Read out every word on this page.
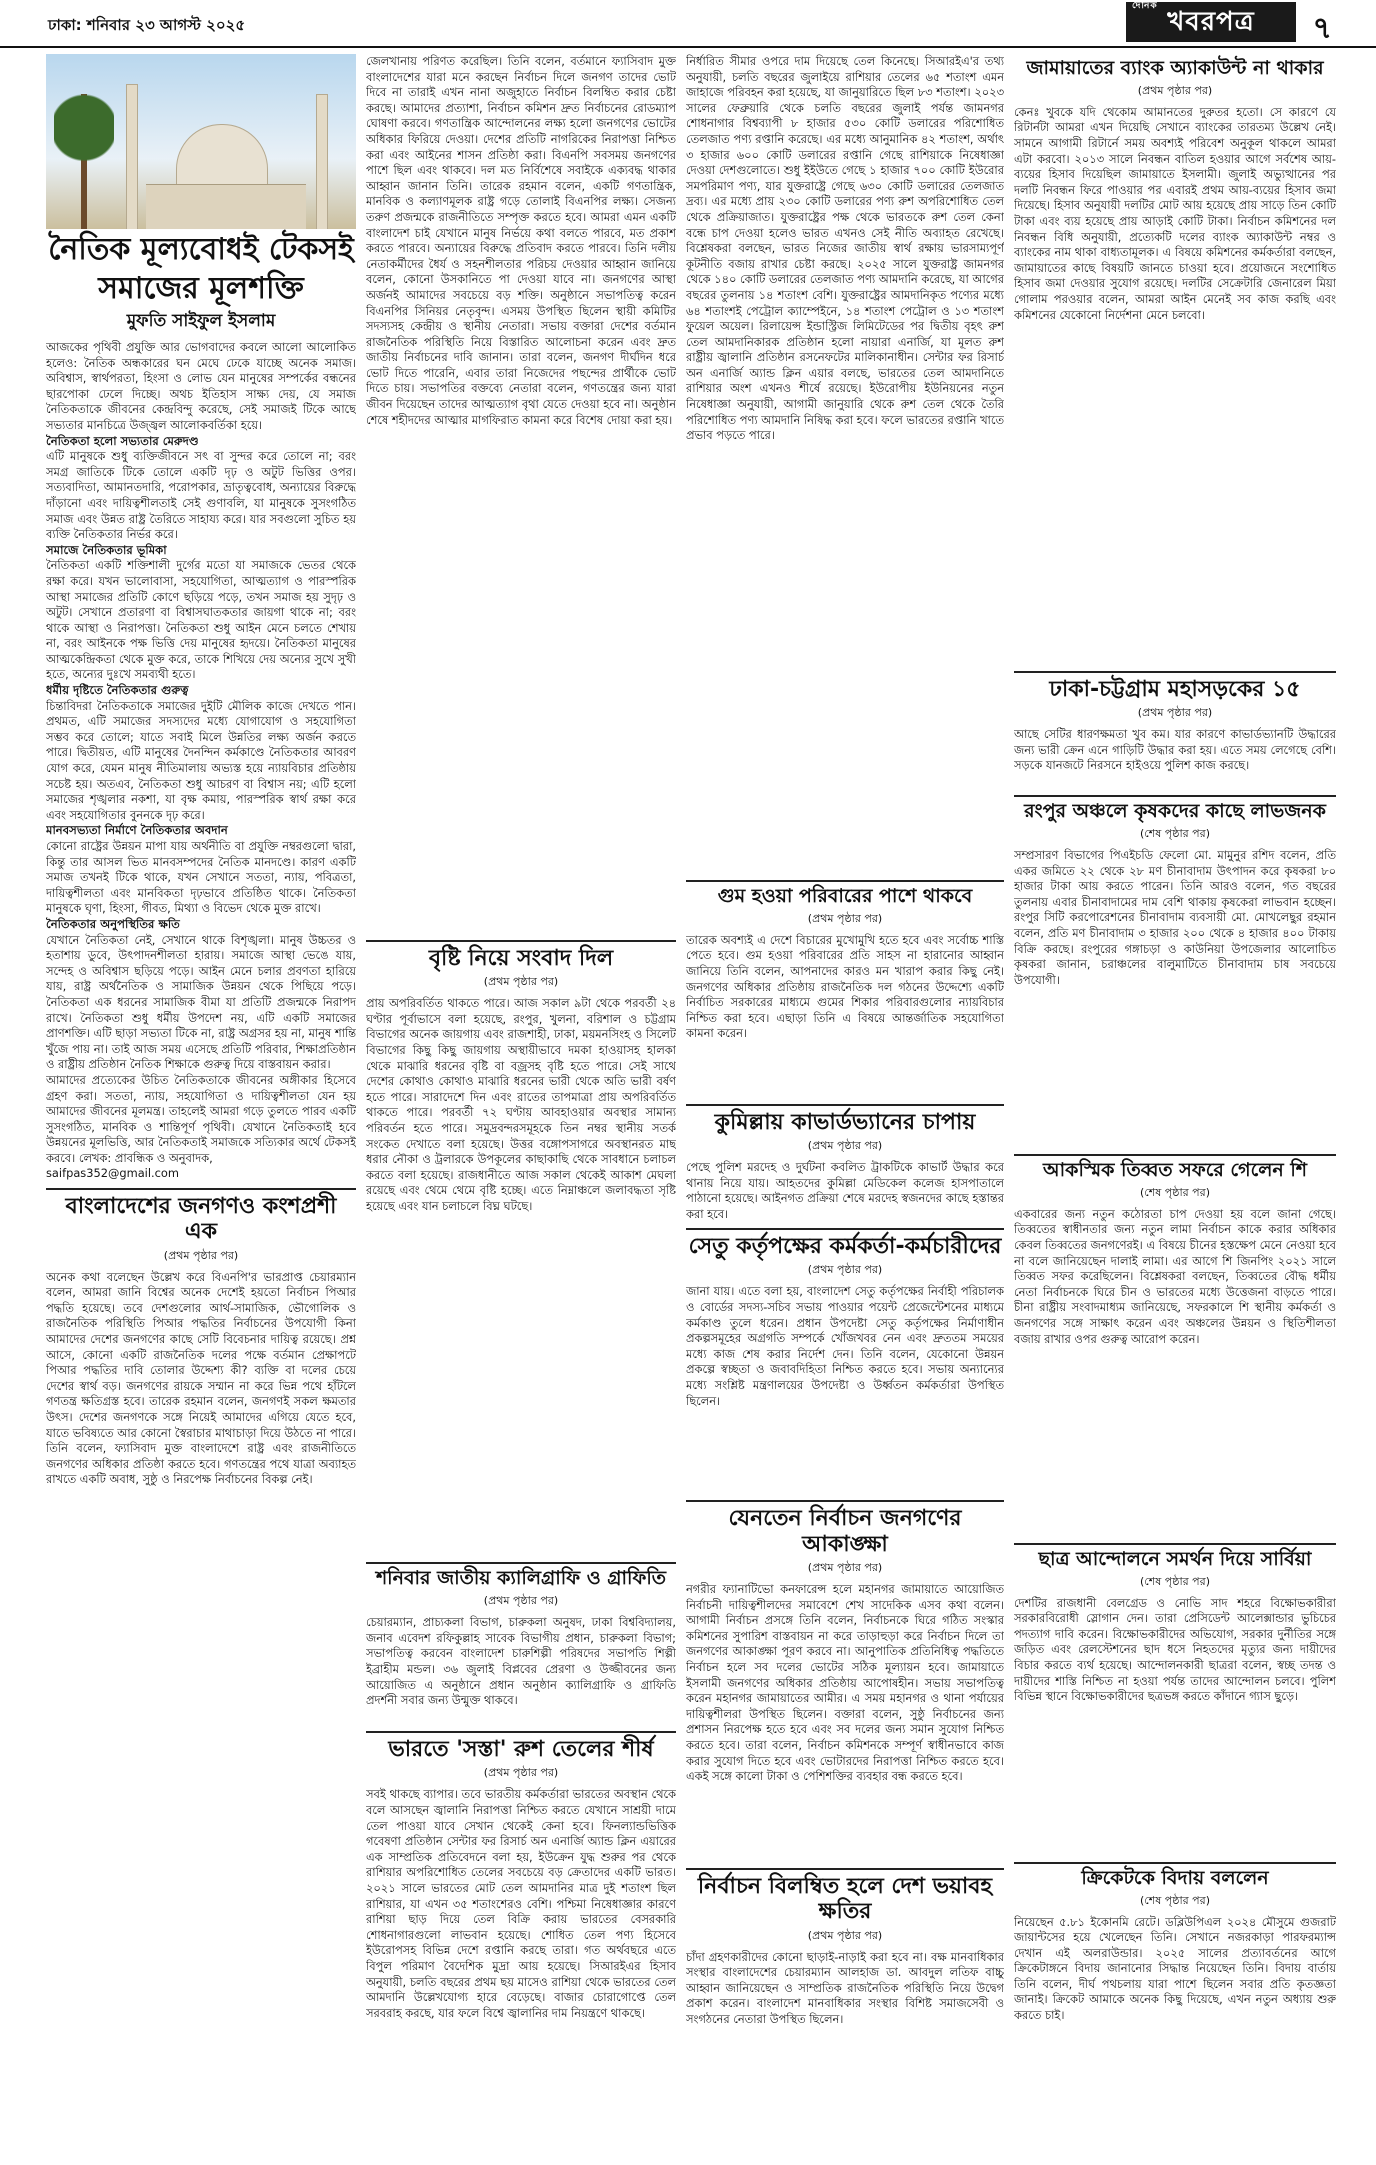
ঢাকা: শনিবার ২৩ আগস্ট ২০২৫
দৈনিক
খবরপত্র	৭
নৈতিক মূল্যবোধই টেকসই
সমাজের মূলশক্তি
মুফতি সাইফুল ইসলাম
আজকের পৃথিবী প্রযুক্তি আর ভোগবাদের কবলে আলো আলোকিত হলেও: নৈতিক অন্ধকারের ঘন মেঘে ঢেকে যাচ্ছে অনেক সমাজ। অবিশ্বাস, স্বার্থপরতা, হিংসা ও লোভ যেন মানুষের সম্পর্কের বন্ধনের ছারপোকা ঢেলে দিচ্ছে। অথচ ইতিহাস সাক্ষ্য দেয়, যে সমাজ নৈতিকতাকে জীবনের কেন্দ্রবিন্দু করেছে, সেই সমাজই টিকে আছে সভ্যতার মানচিত্রে উজ্জ্বল আলোকবর্তিকা হয়ে।
নৈতিকতা হলো সভ্যতার মেরুদণ্ড
এটি মানুষকে শুধু ব্যক্তিজীবনে সৎ বা সুন্দর করে তোলে না; বরং সমগ্র জাতিকে টিকে তোলে একটি দৃঢ় ও অটুট ভিত্তির ওপর। সত্যবাদিতা, আমানতদারি, পরোপকার, ভ্রাতৃত্ববোধ, অন্যায়ের বিরুদ্ধে দাঁড়ানো এবং দায়িত্বশীলতাই সেই গুণাবলি, যা মানুষকে সুসংগঠিত সমাজ এবং উন্নত রাষ্ট্র তৈরিতে সাহায্য করে। যার সবগুলো সুচিত হয় ব্যক্তি নৈতিকতার নির্ভর করে।
সমাজে নৈতিকতার ভূমিকা
নৈতিকতা একটি শক্তিশালী দুর্গের মতো যা সমাজকে ভেতর থেকে রক্ষা করে। যখন ভালোবাসা, সহযোগিতা, আত্মত্যাগ ও পারস্পরিক আস্থা সমাজের প্রতিটি কোণে ছড়িয়ে পড়ে, তখন সমাজ হয় সুদৃঢ় ও অটুট। সেখানে প্রতারণা বা বিশ্বাসঘাতকতার জায়গা থাকে না; বরং থাকে আস্থা ও নিরাপত্তা। নৈতিকতা শুধু আইন মেনে চলতে শেখায় না, বরং আইনকে পক্ষ ভিত্তি দেয় মানুষের হৃদয়ে। নৈতিকতা মানুষের আত্মকেন্দ্রিকতা থেকে মুক্ত করে, তাকে শিখিয়ে দেয় অন্যের সুখে সুখী হতে, অন্যের দুঃখে সমব্যথী হতে।
ধর্মীয় দৃষ্টিতে নৈতিকতার গুরুত্ব
চিন্তাবিদরা নৈতিকতাকে সমাজের দুইটি মৌলিক কাজে দেখতে পান। প্রথমত, এটি সমাজের সদস্যদের মধ্যে যোগাযোগ ও সহযোগিতা সম্ভব করে তোলে; যাতে সবাই মিলে উন্নতির লক্ষ্য অর্জন করতে পারে। দ্বিতীয়ত, এটি মানুষের দৈনন্দিন কর্মকাণ্ডে নৈতিকতার আবরণ যোগ করে, যেমন মানুষ নীতিমালায় অভ্যস্ত হয়ে ন্যায়বিচার প্রতিষ্ঠায় সচেষ্ট হয়। অতএব, নৈতিকতা শুধু আচরণ বা বিশ্বাস নয়; এটি হলো সমাজের শৃঙ্খলার নকশা, যা বৃক্ষ কমায়, পারস্পরিক স্বার্থ রক্ষা করে এবং সহযোগিতার বুননকে দৃঢ় করে।
মানবসভ্যতা নির্মাণে নৈতিকতার অবদান
কোনো রাষ্ট্রের উন্নয়ন মাপা যায় অর্থনীতি বা প্রযুক্তি নম্বরগুলো দ্বারা, কিন্তু তার আসল ভিত মানবসম্পদের নৈতিক মানদণ্ডে। কারণ একটি সমাজ তখনই টিকে থাকে, যখন সেখানে সততা, ন্যায়, পবিত্রতা, দায়িত্বশীলতা এবং মানবিকতা দৃঢ়ভাবে প্রতিষ্ঠিত থাকে। নৈতিকতা মানুষকে ঘৃণা, হিংসা, গীবত, মিথ্যা ও বিভেদ থেকে মুক্ত রাখে।
নৈতিকতার অনুপস্থিতির ক্ষতি
যেখানে নৈতিকতা নেই, সেখানে থাকে বিশৃঙ্খলা। মানুষ উচ্চতর ও হতাশায় ডুবে, উৎপাদনশীলতা হারায়। সমাজে আস্থা ভেঙে যায়, সন্দেহ ও অবিশ্বাস ছড়িয়ে পড়ে। আইন মেনে চলার প্রবণতা হারিয়ে যায়, রাষ্ট্র অর্থনৈতিক ও সামাজিক উন্নয়ন থেকে পিছিয়ে পড়ে। নৈতিকতা এক ধরনের সামাজিক বীমা যা প্রতিটি প্রজন্মকে নিরাপদ রাখে। নৈতিকতা শুধু ধর্মীয় উপদেশ নয়, এটি একটি সমাজের প্রাণশক্তি। এটি ছাড়া সভ্যতা টিকে না, রাষ্ট্র অগ্রসর হয় না, মানুষ শান্তি খুঁজে পায় না। তাই আজ সময় এসেছে প্রতিটি পরিবার, শিক্ষাপ্রতিষ্ঠান ও রাষ্ট্রীয় প্রতিষ্ঠান নৈতিক শিক্ষাকে গুরুত্ব দিয়ে বাস্তবায়ন করার।
আমাদের প্রত্যেকের উচিত নৈতিকতাকে জীবনের অঙ্গীকার হিসেবে গ্রহণ করা। সততা, ন্যায়, সহযোগিতা ও দায়িত্বশীলতা যেন হয় আমাদের জীবনের মূলমন্ত্র। তাহলেই আমরা গড়ে তুলতে পারব একটি সুসংগঠিত, মানবিক ও শান্তিপূর্ণ পৃথিবী। যেখানে নৈতিকতাই হবে উন্নয়নের মূলভিত্তি, আর নৈতিকতাই সমাজকে সত্যিকার অর্থে টেকসই করবে। লেখক: প্রাবন্ধিক ও অনুবাদক,
saifpas352@gmail.com
বাংলাদেশের জনগণও কংশপ্রশী এক
(প্রথম পৃষ্ঠার পর)
অনেক কথা বলেছেন উল্লেখ করে বিএনপি'র ভারপ্রাপ্ত চেয়ারম্যান বলেন, আমরা জানি বিশ্বের অনেক দেশেই হয়তো নির্বাচন পিআর পদ্ধতি হয়েছে। তবে দেশগুলোর আর্থ-সামাজিক, ভৌগোলিক ও রাজনৈতিক পরিস্থিতি পিআর পদ্ধতির নির্বাচনের উপযোগী কিনা আমাদের দেশের জনগণের কাছে সেটি বিবেচনার দায়িত্ব রয়েছে। প্রশ্ন আসে, কোনো একটি রাজনৈতিক দলের পক্ষে বর্তমান প্রেক্ষাপটে পিআর পদ্ধতির দাবি তোলার উদ্দেশ্য কী? ব্যক্তি বা দলের চেয়ে দেশের স্বার্থ বড়। জনগণের রায়কে সম্মান না করে ভিন্ন পথে হাঁটলে গণতন্ত্র ক্ষতিগ্রস্ত হবে। তারেক রহমান বলেন, জনগণই সকল ক্ষমতার উৎস। দেশের জনগণকে সঙ্গে নিয়েই আমাদের এগিয়ে যেতে হবে, যাতে ভবিষ্যতে আর কোনো স্বৈরাচার মাথাচাড়া দিয়ে উঠতে না পারে। তিনি বলেন, ফ্যাসিবাদ মুক্ত বাংলাদেশে রাষ্ট্র এবং রাজনীতিতে জনগণের অধিকার প্রতিষ্ঠা করতে হবে। গণতন্ত্রের পথে যাত্রা অব্যাহত রাখতে একটি অবাধ, সুষ্ঠু ও নিরপেক্ষ নির্বাচনের বিকল্প নেই।
জেলখানায় পরিণত করেছিল। তিনি বলেন, বর্তমানে ফ্যাসিবাদ মুক্ত বাংলাদেশের যারা মনে করছেন নির্বাচন দিলে জনগণ তাদের ভোট দিবে না তারাই এখন নানা অজুহাতে নির্বাচন বিলম্বিত করার চেষ্টা করছে। আমাদের প্রত্যাশা, নির্বাচন কমিশন দ্রুত নির্বাচনের রোডম্যাপ ঘোষণা করবে। গণতান্ত্রিক আন্দোলনের লক্ষ্য হলো জনগণের ভোটের অধিকার ফিরিয়ে দেওয়া। দেশের প্রতিটি নাগরিকের নিরাপত্তা নিশ্চিত করা এবং আইনের শাসন প্রতিষ্ঠা করা। বিএনপি সবসময় জনগণের পাশে ছিল এবং থাকবে। দল মত নির্বিশেষে সবাইকে এক্যবদ্ধ থাকার আহ্বান জানান তিনি। তারেক রহমান বলেন, একটি গণতান্ত্রিক, মানবিক ও কল্যাণমূলক রাষ্ট্র গড়ে তোলাই বিএনপির লক্ষ্য। সেজন্য তরুণ প্রজন্মকে রাজনীতিতে সম্পৃক্ত করতে হবে। আমরা এমন একটি বাংলাদেশ চাই যেখানে মানুষ নির্ভয়ে কথা বলতে পারবে, মত প্রকাশ করতে পারবে। অন্যায়ের বিরুদ্ধে প্রতিবাদ করতে পারবে। তিনি দলীয় নেতাকর্মীদের ধৈর্য ও সহনশীলতার পরিচয় দেওয়ার আহ্বান জানিয়ে বলেন, কোনো উসকানিতে পা দেওয়া যাবে না। জনগণের আস্থা অর্জনই আমাদের সবচেয়ে বড় শক্তি। অনুষ্ঠানে সভাপতিত্ব করেন বিএনপির সিনিয়র নেতৃবৃন্দ। এসময় উপস্থিত ছিলেন স্থায়ী কমিটির সদস্যসহ কেন্দ্রীয় ও স্থানীয় নেতারা। সভায় বক্তারা দেশের বর্তমান রাজনৈতিক পরিস্থিতি নিয়ে বিস্তারিত আলোচনা করেন এবং দ্রুত জাতীয় নির্বাচনের দাবি জানান। তারা বলেন, জনগণ দীর্ঘদিন ধরে ভোট দিতে পারেনি, এবার তারা নিজেদের পছন্দের প্রার্থীকে ভোট দিতে চায়। সভাপতির বক্তব্যে নেতারা বলেন, গণতন্ত্রের জন্য যারা জীবন দিয়েছেন তাদের আত্মত্যাগ বৃথা যেতে দেওয়া হবে না। অনুষ্ঠান শেষে শহীদদের আত্মার মাগফিরাত কামনা করে বিশেষ দোয়া করা হয়।
বৃষ্টি নিয়ে সংবাদ দিল
(প্রথম পৃষ্ঠার পর)
প্রায় অপরিবর্তিত থাকতে পারে। আজ সকাল ৯টা থেকে পরবর্তী ২৪ ঘণ্টার পূর্বাভাসে বলা হয়েছে, রংপুর, খুলনা, বরিশাল ও চট্টগ্রাম বিভাগের অনেক জায়গায় এবং রাজশাহী, ঢাকা, ময়মনসিংহ ও সিলেট বিভাগের কিছু কিছু জায়গায় অস্থায়ীভাবে দমকা হাওয়াসহ হালকা থেকে মাঝারি ধরনের বৃষ্টি বা বজ্রসহ বৃষ্টি হতে পারে। সেই সাথে দেশের কোথাও কোথাও মাঝারি ধরনের ভারী থেকে অতি ভারী বর্ষণ হতে পারে। সারাদেশে দিন এবং রাতের তাপমাত্রা প্রায় অপরিবর্তিত থাকতে পারে। পরবর্তী ৭২ ঘণ্টায় আবহাওয়ার অবস্থার সামান্য পরিবর্তন হতে পারে। সমুদ্রবন্দরসমূহকে তিন নম্বর স্থানীয় সতর্ক সংকেত দেখাতে বলা হয়েছে। উত্তর বঙ্গোপসাগরে অবস্থানরত মাছ ধরার নৌকা ও ট্রলারকে উপকূলের কাছাকাছি থেকে সাবধানে চলাচল করতে বলা হয়েছে। রাজধানীতে আজ সকাল থেকেই আকাশ মেঘলা রয়েছে এবং থেমে থেমে বৃষ্টি হচ্ছে। এতে নিম্নাঞ্চলে জলাবদ্ধতা সৃষ্টি হয়েছে এবং যান চলাচলে বিঘ্ন ঘটছে।
শনিবার জাতীয় ক্যালিগ্রাফি ও গ্রাফিতি
(প্রথম পৃষ্ঠার পর)
চেয়ারম্যান, প্রাচ্যকলা বিভাগ, চারুকলা অনুষদ, ঢাকা বিশ্ববিদ্যালয়, জনাব এবেদশ রফিকুল্লাহ সাবেক বিভাগীয় প্রধান, চারুকলা বিভাগ; সভাপতিত্ব করবেন বাংলাদেশ চারুশিল্পী পরিষদের সভাপতি শিল্পী ইব্রাহীম মন্ডল। ৩৬ জুলাই বিপ্লবের প্রেরণা ও উজ্জীবনের জন্য আয়োজিত এ অনুষ্ঠানে প্রধান অনুষ্ঠান ক্যালিগ্রাফি ও গ্রাফিতি প্রদর্শনী সবার জন্য উন্মুক্ত থাকবে।
ভারতে 'সস্তা' রুশ তেলের শীর্ষ
(প্রথম পৃষ্ঠার পর)
সবই থাকছে ব্যাপার। তবে ভারতীয় কর্মকর্তারা ভারতের অবস্থান থেকে বলে আসছেন জ্বালানি নিরাপত্তা নিশ্চিত করতে যেখানে সাশ্রয়ী দামে তেল পাওয়া যাবে সেখান থেকেই কেনা হবে। ফিনল্যান্ডভিত্তিক গবেষণা প্রতিষ্ঠান সেন্টার ফর রিসার্চ অন এনার্জি অ্যান্ড ক্লিন এয়ারের এক সাম্প্রতিক প্রতিবেদনে বলা হয়, ইউক্রেন যুদ্ধ শুরুর পর থেকে রাশিয়ার অপরিশোধিত তেলের সবচেয়ে বড় ক্রেতাদের একটি ভারত। ২০২১ সালে ভারতের মোট তেল আমদানির মাত্র দুই শতাংশ ছিল রাশিয়ার, যা এখন ৩৫ শতাংশেরও বেশি। পশ্চিমা নিষেধাজ্ঞার কারণে রাশিয়া ছাড় দিয়ে তেল বিক্রি করায় ভারতের বেসরকারি শোধনাগারগুলো লাভবান হয়েছে। শোধিত তেল পণ্য হিসেবে ইউরোপসহ বিভিন্ন দেশে রপ্তানি করছে তারা। গত অর্থবছরে এতে বিপুল পরিমাণ বৈদেশিক মুদ্রা আয় হয়েছে। সিআরইএর হিসাব অনুযায়ী, চলতি বছরের প্রথম ছয় মাসেও রাশিয়া থেকে ভারতের তেল আমদানি উল্লেখযোগ্য হারে বেড়েছে। বাজার চোরাগোপ্তে তেল সরবরাহ করছে, যার ফলে বিশ্বে জ্বালানির দাম নিয়ন্ত্রণে থাকছে।
নির্ধারিত সীমার ওপরে দাম দিয়েছে তেল কিনেছে। সিআরইএ'র তথ্য অনুযায়ী, চলতি বছরের জুলাইয়ে রাশিয়ার তেলের ৬৫ শতাংশ এমন জাহাজে পরিবহন করা হয়েছে, যা জানুয়ারিতে ছিল ৮৩ শতাংশ। ২০২৩ সালের ফেব্রুয়ারি থেকে চলতি বছরের জুলাই পর্যন্ত জামনগর শোধনাগার বিশ্বব্যাপী ৮ হাজার ৫৩০ কোটি ডলারের পরিশোধিত তেলজাত পণ্য রপ্তানি করেছে। এর মধ্যে আনুমানিক ৪২ শতাংশ, অর্থাৎ ৩ হাজার ৬০০ কোটি ডলারের রপ্তানি গেছে রাশিয়াকে নিষেধাজ্ঞা দেওয়া দেশগুলোতে। শুধু ইইউতে গেছে ১ হাজার ৭০০ কোটি ইউরোর সমপরিমাণ পণ্য, যার যুক্তরাষ্ট্রে গেছে ৬৩০ কোটি ডলারের তেলজাত দ্রব্য। এর মধ্যে প্রায় ২৩০ কোটি ডলারের পণ্য রুশ অপরিশোধিত তেল থেকে প্রক্রিয়াজাত। যুক্তরাষ্ট্রের পক্ষ থেকে ভারতকে রুশ তেল কেনা বন্ধে চাপ দেওয়া হলেও ভারত এখনও সেই নীতি অব্যাহত রেখেছে। বিশ্লেষকরা বলছেন, ভারত নিজের জাতীয় স্বার্থ রক্ষায় ভারসাম্যপূর্ণ কূটনীতি বজায় রাখার চেষ্টা করছে। ২০২৫ সালে যুক্তরাষ্ট্র জামনগর থেকে ১৪০ কোটি ডলারের তেলজাত পণ্য আমদানি করেছে, যা আগের বছরের তুলনায় ১৪ শতাংশ বেশি। যুক্তরাষ্ট্রের আমদানিকৃত পণ্যের মধ্যে ৬৪ শতাংশই পেট্রোল ক্যাম্পেইনে, ১৪ শতাংশ পেট্রোল ও ১৩ শতাংশ ফুয়েল অয়েল। রিলায়েন্স ইন্ডাস্ট্রিজ লিমিটেডের পর দ্বিতীয় বৃহৎ রুশ তেল আমদানিকারক প্রতিষ্ঠান হলো নায়ারা এনার্জি, যা মূলত রুশ রাষ্ট্রীয় জ্বালানি প্রতিষ্ঠান রসনেফটের মালিকানাধীন। সেন্টার ফর রিসার্চ অন এনার্জি অ্যান্ড ক্লিন এয়ার বলছে, ভারতের তেল আমদানিতে রাশিয়ার অংশ এখনও শীর্ষে রয়েছে। ইউরোপীয় ইউনিয়নের নতুন নিষেধাজ্ঞা অনুযায়ী, আগামী জানুয়ারি থেকে রুশ তেল থেকে তৈরি পরিশোধিত পণ্য আমদানি নিষিদ্ধ করা হবে। ফলে ভারতের রপ্তানি খাতে প্রভাব পড়তে পারে।
গুম হওয়া পরিবারের পাশে থাকবে
(প্রথম পৃষ্ঠার পর)
তারেক অবশ্যই এ দেশে বিচারের মুখোমুখি হতে হবে এবং সর্বোচ্চ শাস্তি পেতে হবে। গুম হওয়া পরিবারের প্রতি সাহস না হারানোর আহ্বান জানিয়ে তিনি বলেন, আপনাদের কারও মন খারাপ করার কিছু নেই। জনগণের অধিকার প্রতিষ্ঠায় রাজনৈতিক দল গঠনের উদ্দেশ্যে একটি নির্বাচিত সরকারের মাধ্যমে গুমের শিকার পরিবারগুলোর ন্যায়বিচার নিশ্চিত করা হবে। এছাড়া তিনি এ বিষয়ে আন্তর্জাতিক সহযোগিতা কামনা করেন।
কুমিল্লায় কাভার্ডভ্যানের চাপায়
(প্রথম পৃষ্ঠার পর)
পেছে পুলিশ মরদেহ ও দুর্ঘটনা কবলিত ট্রাকটিকে কাভার্ট উদ্ধার করে থানায় নিয়ে যায়। আহতদের কুমিল্লা মেডিকেল কলেজ হাসপাতালে পাঠানো হয়েছে। আইনগত প্রক্রিয়া শেষে মরদেহ স্বজনদের কাছে হস্তান্তর করা হবে।
সেতু কর্তৃপক্ষের কর্মকর্তা-কর্মচারীদের
(প্রথম পৃষ্ঠার পর)
জানা যায়। এতে বলা হয়, বাংলাদেশ সেতু কর্তৃপক্ষের নির্বাহী পরিচালক ও বোর্ডের সদস্য-সচিব সভায় পাওয়ার পয়েন্ট প্রেজেন্টেশনের মাধ্যমে কর্মকাণ্ড তুলে ধরেন। প্রধান উপদেষ্টা সেতু কর্তৃপক্ষের নির্মাণাধীন প্রকল্পসমূহের অগ্রগতি সম্পর্কে খোঁজখবর নেন এবং দ্রুততম সময়ের মধ্যে কাজ শেষ করার নির্দেশ দেন। তিনি বলেন, যেকোনো উন্নয়ন প্রকল্পে স্বচ্ছতা ও জবাবদিহিতা নিশ্চিত করতে হবে। সভায় অন্যান্যের মধ্যে সংশ্লিষ্ট মন্ত্রণালয়ের উপদেষ্টা ও উর্ধ্বতন কর্মকর্তারা উপস্থিত ছিলেন।
যেনতেন নির্বাচন জনগণের আকাঙ্ক্ষা
(প্রথম পৃষ্ঠার পর)
নগরীর ফ্যানাটিভো কনফারেন্স হলে মহানগর জামায়াতে আয়োজিত নির্বাচনী দায়িত্বশীলদের সমাবেশে শেখ সাদেকিক এসব কথা বলেন। আগামী নির্বাচন প্রসঙ্গে তিনি বলেন, নির্বাচনকে ঘিরে গঠিত সংস্কার কমিশনের সুপারিশ বাস্তবায়ন না করে তাড়াহুড়া করে নির্বাচন দিলে তা জনগণের আকাঙ্ক্ষা পূরণ করবে না। আনুপাতিক প্রতিনিধিত্ব পদ্ধতিতে নির্বাচন হলে সব দলের ভোটের সঠিক মূল্যায়ন হবে। জামায়াতে ইসলামী জনগণের অধিকার প্রতিষ্ঠায় আপোষহীন। সভায় সভাপতিত্ব করেন মহানগর জামায়াতের আমীর। এ সময় মহানগর ও থানা পর্যায়ের দায়িত্বশীলরা উপস্থিত ছিলেন। বক্তারা বলেন, সুষ্ঠু নির্বাচনের জন্য প্রশাসন নিরপেক্ষ হতে হবে এবং সব দলের জন্য সমান সুযোগ নিশ্চিত করতে হবে। তারা বলেন, নির্বাচন কমিশনকে সম্পূর্ণ স্বাধীনভাবে কাজ করার সুযোগ দিতে হবে এবং ভোটারদের নিরাপত্তা নিশ্চিত করতে হবে। একই সঙ্গে কালো টাকা ও পেশিশক্তির ব্যবহার বন্ধ করতে হবে।
নির্বাচন বিলম্বিত হলে দেশ ভয়াবহ ক্ষতির
(প্রথম পৃষ্ঠার পর)
চাঁদা গ্রহণকারীদের কোনো ছাড়াই-নাড়াই করা হবে না। বক্ষ মানবাধিকার সংস্থার বাংলাদেশের চেয়ারম্যান আলহাজ ডা. আবদুল লতিফ বাচ্চু আহ্বান জানিয়েছেন ও সাম্প্রতিক রাজনৈতিক পরিস্থিতি নিয়ে উদ্বেগ প্রকাশ করেন। বাংলাদেশ মানবাধিকার সংস্থার বিশিষ্ট সমাজসেবী ও সংগঠনের নেতারা উপস্থিত ছিলেন।
জামায়াতের ব্যাংক অ্যাকাউন্ট না থাকার
(প্রথম পৃষ্ঠার পর)
কেনঃ খুবকে যদি থেকোম আমানতের দুরুতর হতো। সে কারণে যে রিটার্নটা আমরা এখন দিয়েছি সেখানে ব্যাংকের তারতম্য উল্লেখ নেই। সামনে আগামী রিটার্নে সময় অবশ্যই পরিবেশ অনুকূল থাকলে আমরা এটা করবো। ২০১৩ সালে নিবন্ধন বাতিল হওয়ার আগে সর্বশেষ আয়-ব্যয়ের হিসাব দিয়েছিল জামায়াতে ইসলামী। জুলাই অভ্যুত্থানের পর দলটি নিবন্ধন ফিরে পাওয়ার পর এবারই প্রথম আয়-ব্যয়ের হিসাব জমা দিয়েছে। হিসাব অনুযায়ী দলটির মোট আয় হয়েছে প্রায় সাড়ে তিন কোটি টাকা এবং ব্যয় হয়েছে প্রায় আড়াই কোটি টাকা। নির্বাচন কমিশনের দল নিবন্ধন বিধি অনুযায়ী, প্রত্যেকটি দলের ব্যাংক অ্যাকাউন্ট নম্বর ও ব্যাংকের নাম থাকা বাধ্যতামূলক। এ বিষয়ে কমিশনের কর্মকর্তারা বলছেন, জামায়াতের কাছে বিষয়টি জানতে চাওয়া হবে। প্রয়োজনে সংশোধিত হিসাব জমা দেওয়ার সুযোগ রয়েছে। দলটির সেক্রেটারি জেনারেল মিয়া গোলাম পরওয়ার বলেন, আমরা আইন মেনেই সব কাজ করছি এবং কমিশনের যেকোনো নির্দেশনা মেনে চলবো।
ঢাকা-চট্টগ্রাম মহাসড়কের ১৫
(প্রথম পৃষ্ঠার পর)
আছে সেটির ধারণক্ষমতা খুব কম। যার কারণে কাভার্ডভ্যানটি উদ্ধারের জন্য ভারী ক্রেন এনে গাড়িটি উদ্ধার করা হয়। এতে সময় লেগেছে বেশি। সড়কে যানজটে নিরসনে হাইওয়ে পুলিশ কাজ করছে।
রংপুর অঞ্চলে কৃষকদের কাছে লাভজনক
(শেষ পৃষ্ঠার পর)
সম্প্রসারণ বিভাগের পিএইচডি ফেলো মো. মামুনুর রশিদ বলেন, প্রতি একর জমিতে ২২ থেকে ২৮ মণ চীনাবাদাম উৎপাদন করে কৃষকরা ৮০ হাজার টাকা আয় করতে পারেন। তিনি আরও বলেন, গত বছরের তুলনায় এবার চীনাবাদামের দাম বেশি থাকায় কৃষকেরা লাভবান হচ্ছেন। রংপুর সিটি করপোরেশনের চীনাবাদাম ব্যবসায়ী মো. মোখলেছুর রহমান বলেন, প্রতি মণ চীনাবাদাম ৩ হাজার ২০০ থেকে ৪ হাজার ৪০০ টাকায় বিক্রি করছে। রংপুরের গঙ্গাচড়া ও কাউনিয়া উপজেলার আলোচিত কৃষকরা জানান, চরাঞ্চলের বালুমাটিতে চীনাবাদাম চাষ সবচেয়ে উপযোগী।
আকস্মিক তিব্বত সফরে গেলেন শি
(শেষ পৃষ্ঠার পর)
একবারের জন্য নতুন কঠোরতা চাপ দেওয়া হয় বলে জানা গেছে। তিব্বতের স্বাধীনতার জন্য নতুন লামা নির্বাচন কাকে করার অধিকার কেবল তিব্বতের জনগণেরই। এ বিষয়ে চীনের হস্তক্ষেপ মেনে নেওয়া হবে না বলে জানিয়েছেন দালাই লামা। এর আগে শি জিনপিং ২০২১ সালে তিব্বত সফর করেছিলেন। বিশ্লেষকরা বলছেন, তিব্বতের বৌদ্ধ ধর্মীয় নেতা নির্বাচনকে ঘিরে চীন ও ভারতের মধ্যে উত্তেজনা বাড়তে পারে। চীনা রাষ্ট্রীয় সংবাদমাধ্যম জানিয়েছে, সফরকালে শি স্থানীয় কর্মকর্তা ও জনগণের সঙ্গে সাক্ষাৎ করেন এবং অঞ্চলের উন্নয়ন ও স্থিতিশীলতা বজায় রাখার ওপর গুরুত্ব আরোপ করেন।
ছাত্র আন্দোলনে সমর্থন দিয়ে সার্বিয়া
(শেষ পৃষ্ঠার পর)
দেশটির রাজধানী বেলগ্রেড ও নোভি সাদ শহরে বিক্ষোভকারীরা সরকারবিরোধী স্লোগান দেন। তারা প্রেসিডেন্ট আলেক্সান্ডার ভুচিচের পদত্যাগ দাবি করেন। বিক্ষোভকারীদের অভিযোগ, সরকার দুর্নীতির সঙ্গে জড়িত এবং রেলস্টেশনের ছাদ ধসে নিহতদের মৃত্যুর জন্য দায়ীদের বিচার করতে ব্যর্থ হয়েছে। আন্দোলনকারী ছাত্ররা বলেন, স্বচ্ছ তদন্ত ও দায়ীদের শাস্তি নিশ্চিত না হওয়া পর্যন্ত তাদের আন্দোলন চলবে। পুলিশ বিভিন্ন স্থানে বিক্ষোভকারীদের ছত্রভঙ্গ করতে কাঁদানে গ্যাস ছুড়ে।
ক্রিকেটকে বিদায় বললেন
(শেষ পৃষ্ঠার পর)
নিয়েছেন ৫.৮১ ইকোনমি রেটে। ডব্লিউপিএল ২০২৪ মৌসুমে গুজরাট জায়ান্টসের হয়ে খেলেছেন তিনি। সেখানে নজরকাড়া পারফরম্যান্স দেখান এই অলরাউন্ডার। ২০২৫ সালের প্রত্যাবর্তনের আগে ক্রিকেটাঙ্গনে বিদায় জানানোর সিদ্ধান্ত নিয়েছেন তিনি। বিদায় বার্তায় তিনি বলেন, দীর্ঘ পথচলায় যারা পাশে ছিলেন সবার প্রতি কৃতজ্ঞতা জানাই। ক্রিকেট আমাকে অনেক কিছু দিয়েছে, এখন নতুন অধ্যায় শুরু করতে চাই।
